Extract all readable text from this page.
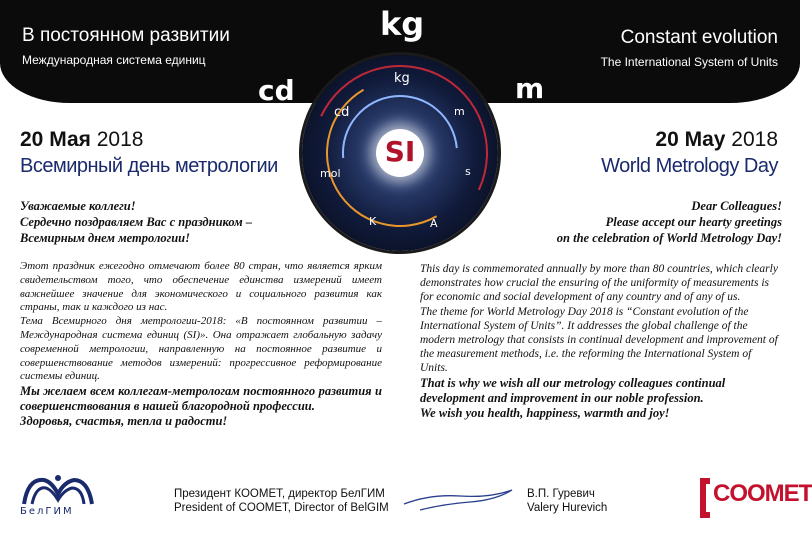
В постоянном развитии
Международная система единиц
Constant evolution
The International System of Units
kg
cd	m
kg
cd	m
mol	s
K	A
SI
20 Мая 2018	20 May 2018
Всемирный день метрологии	World Metrology Day
Уважаемые коллеги!
Сердечно поздравляем Вас с праздником –
Всемирным днем метрологии!
Dear Colleagues!
Please accept our hearty greetings
on the celebration of World Metrology Day!

Этот праздник ежегодно отмечают более 80 стран, что является ярким свидетельством того, что обеспечение единства измерений имеет важнейшее значение для экономического и социального развития как страны, так и каждого из нас.

Тема Всемирного дня метрологии-2018: «В постоянном развитии – Международная система единиц (SI)». Она отражает глобальную задачу современной метрологии, направленную на постоянное развитие и совершенствование методов измерений: прогрессивное реформирование системы единиц.

Мы желаем всем коллегам-метрологам постоянного развития и совершенствования в нашей благородной профессии.

Здоровья, счастья, тепла и радости!

This day is commemorated annually by more than 80 countries, which clearly demonstrates how crucial the ensuring of the uniformity of measurements is for economic and social development of any country and of any of us.

The theme for World Metrology Day 2018 is “Constant evolution of the International System of Units”. It addresses the global challenge of the modern metrology that consists in continual development and improvement of the measurement methods, i.e. the reforming the International System of Units.

That is why we wish all our metrology colleagues continual development and improvement in our noble profession.

We wish you health, happiness, warmth and joy!

БелГИМ
Президент КООМЕТ, директор БелГИМ
President of COOMET, Director of BelGIM
В.П. Гуревич
Valery Hurevich
COOMET
